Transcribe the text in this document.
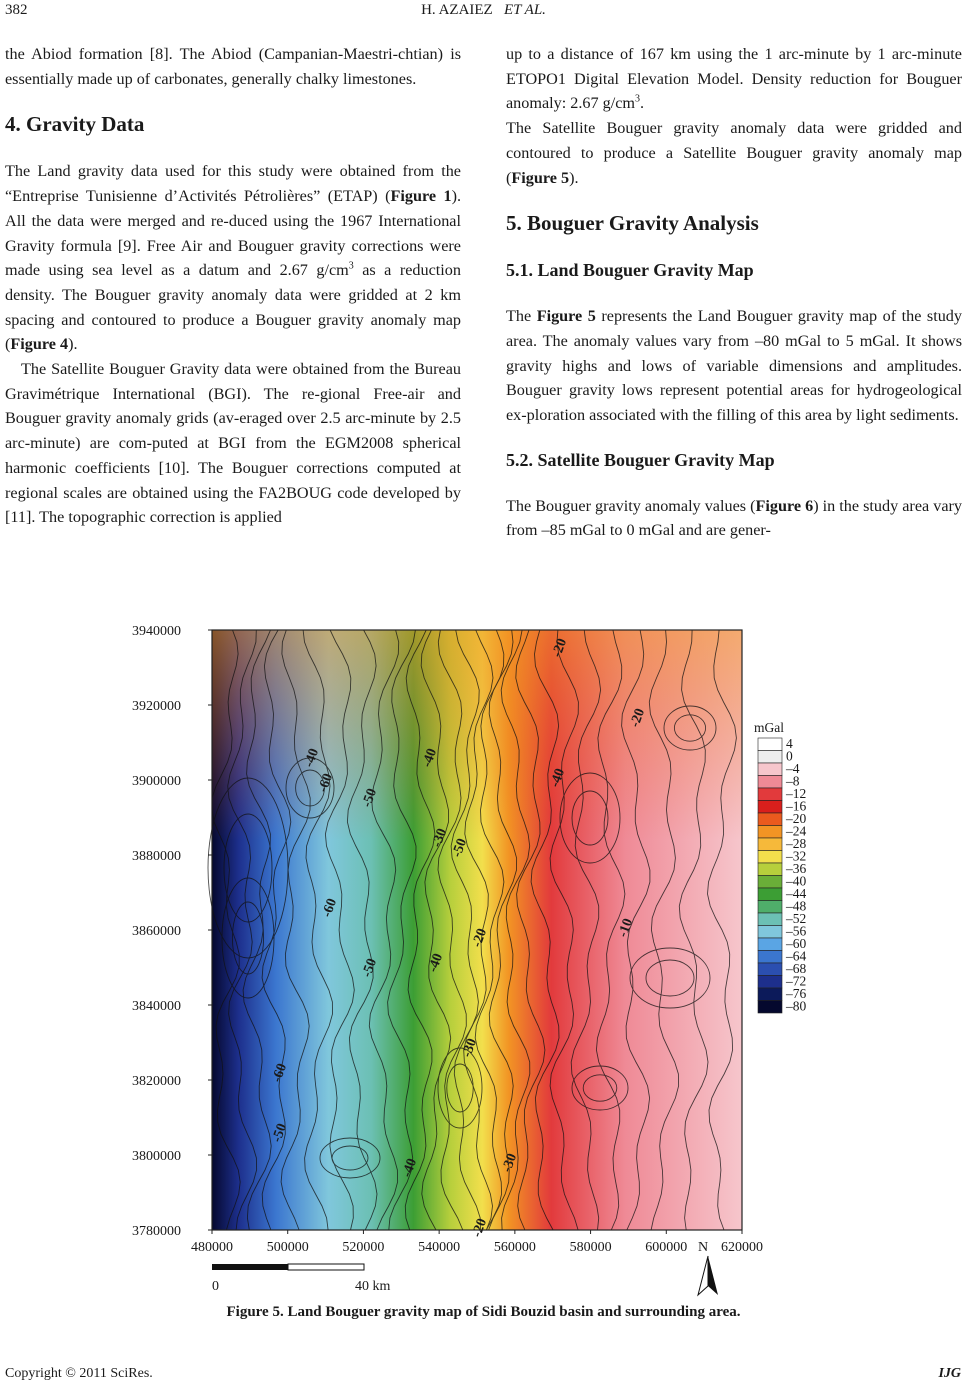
382	H. AZAIEZ ET AL.

the Abiod formation [8]. The Abiod (Campanian-Maestri-chtian) is essentially made up of carbonates, generally chalky limestones.

4. Gravity Data

The Land gravity data used for this study were obtained from the “Entreprise Tunisienne d’Activités Pétrolières” (ETAP) (Figure 1). All the data were merged and re-duced using the 1967 International Gravity formula [9]. Free Air and Bouguer gravity corrections were made using sea level as a datum and 2.67 $g/cm^3$ as a reduction density. The Bouguer gravity anomaly data were gridded at 2 km spacing and contoured to produce a Bouguer gravity anomaly map (Figure 4).

The Satellite Bouguer Gravity data were obtained from the Bureau Gravimétrique International (BGI). The re-gional Free-air and Bouguer gravity anomaly grids (av-eraged over 2.5 arc-minute by 2.5 arc-minute) are com-puted at BGI from the EGM2008 spherical harmonic coefficients [10]. The Bouguer corrections computed at regional scales are obtained using the FA2BOUG code developed by [11]. The topographic correction is applied

up to a distance of 167 km using the 1 arc-minute by 1 arc-minute ETOPO1 Digital Elevation Model. Density reduction for Bouguer anomaly: 2.67 $g/cm^3$.

The Satellite Bouguer gravity anomaly data were gridded and contoured to produce a Satellite Bouguer gravity anomaly map (Figure 5).

5. Bouguer Gravity Analysis
5.1. Land Bouguer Gravity Map

The Figure 5 represents the Land Bouguer gravity map of the study area. The anomaly values vary from –80 mGal to 5 mGal. It shows gravity highs and lows of variable dimensions and amplitudes. Bouguer gravity lows represent potential areas for hydrogeological ex-ploration associated with the filling of this area by light sediments.

5.2. Satellite Bouguer Gravity Map

The Bouguer gravity anomaly values (Figure 6) in the study area vary from –85 mGal to 0 mGal and are gener-

-40
-60
-50
-40
-50
-30
-40
-20
-60
-50	-40
-20	-10
-30
-60
-50
-40	-30
-20
-20
3940000
3920000
3900000
3880000
3860000
3840000
3820000
3800000
3780000
480000 500000 520000 540000 560000 580000 600000 620000
mGal
4
0
–4
–8
–12
–16
–20
–24
–28
–32
–36
–40
–44
–48
–52
–56
–60
–64
–68
–72
–76
–80
0	40 km
N
Figure 5. Land Bouguer gravity map of Sidi Bouzid basin and surrounding area.
Copyright © 2011 SciRes.	IJG
